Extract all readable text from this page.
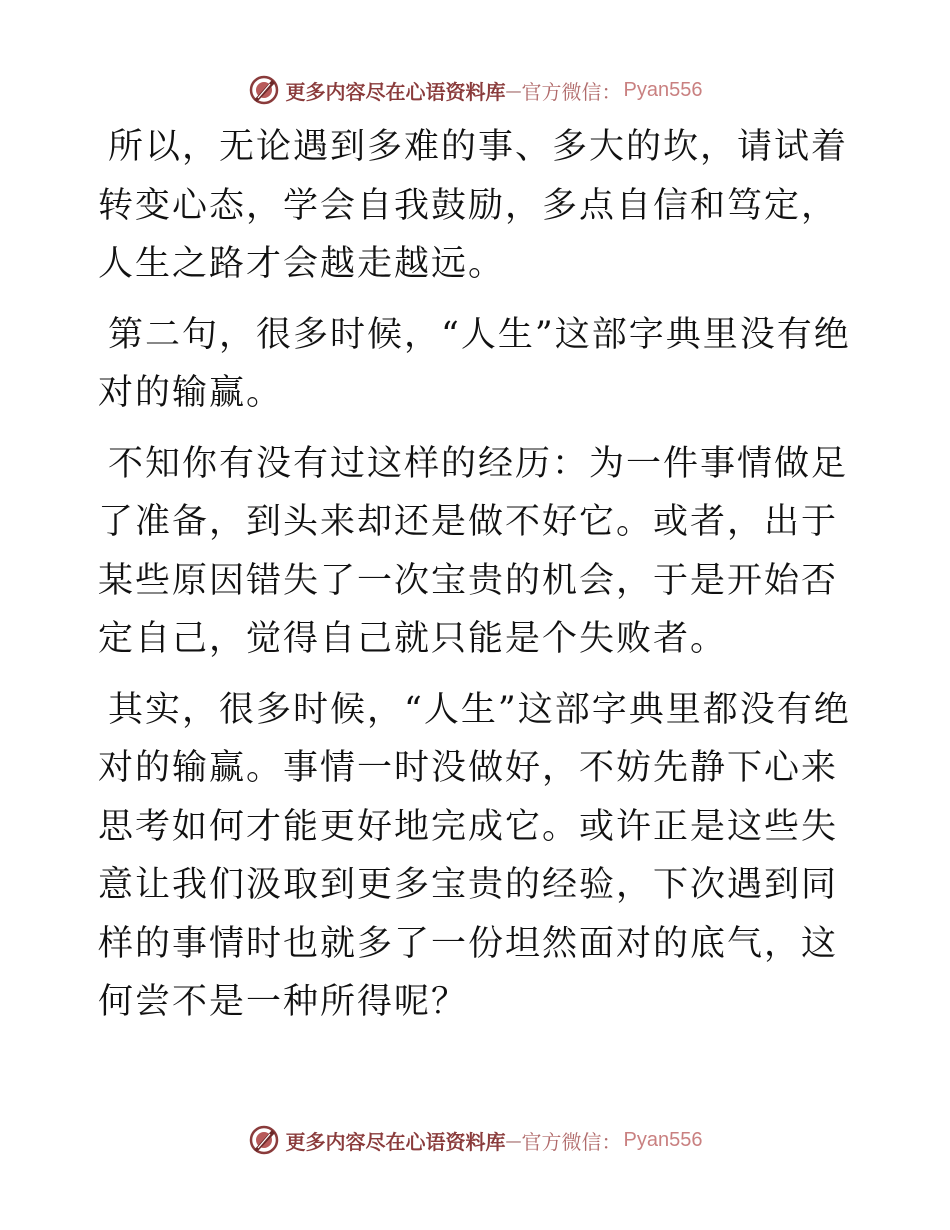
更多内容尽在心语资料库 — 官方微信： Pyan556

所以，无论遇到多难的事、多大的坎，请试着转变心态，学会自我鼓励，多点自信和笃定，人生之路才会越走越远。

第二句，很多时候，“人生”这部字典里没有绝对的输赢。

不知你有没有过这样的经历：为一件事情做足了准备，到头来却还是做不好它。或者，出于某些原因错失了一次宝贵的机会，于是开始否定自己，觉得自己就只能是个失败者。

其实，很多时候，“人生”这部字典里都没有绝对的输赢。事情一时没做好，不妨先静下心来思考如何才能更好地完成它。或许正是这些失意让我们汲取到更多宝贵的经验，下次遇到同样的事情时也就多了一份坦然面对的底气，这何尝不是一种所得呢？

更多内容尽在心语资料库 — 官方微信： Pyan556
